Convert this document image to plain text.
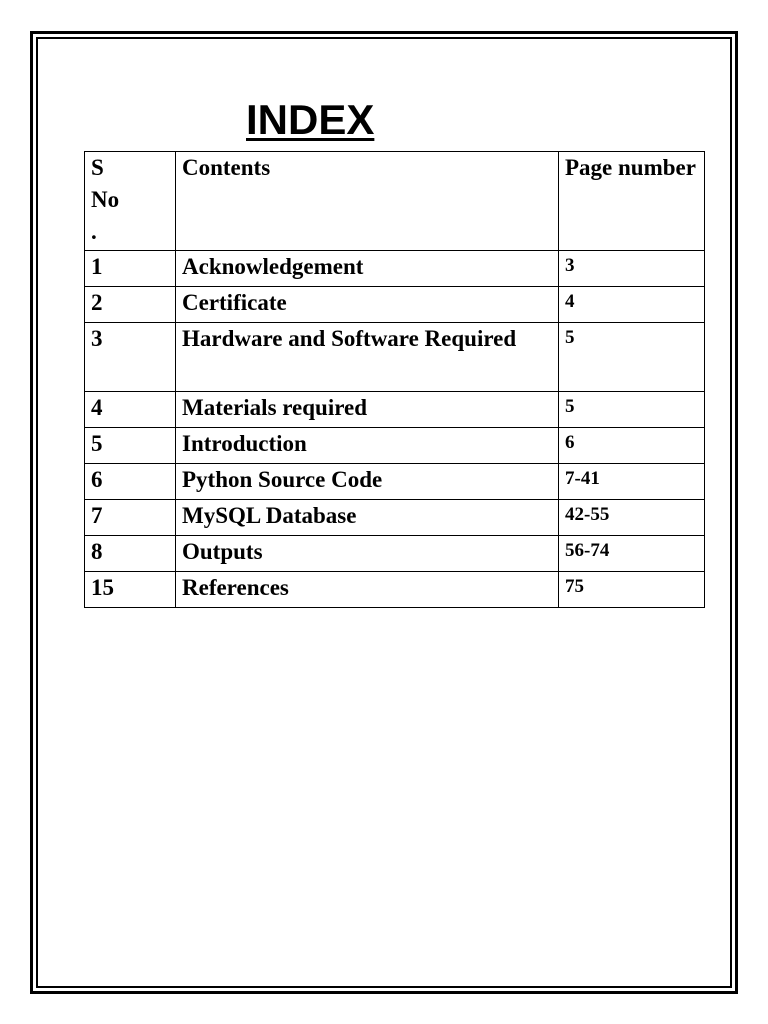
INDEX
S
No
.	Contents	Page number
1	Acknowledgement	3
2	Certificate	4
3	Hardware and Software Required	5
4	Materials required	5
5	Introduction	6
6	Python Source Code	7-41
7	MySQL Database	42-55
8	Outputs	56-74
15	References	75
